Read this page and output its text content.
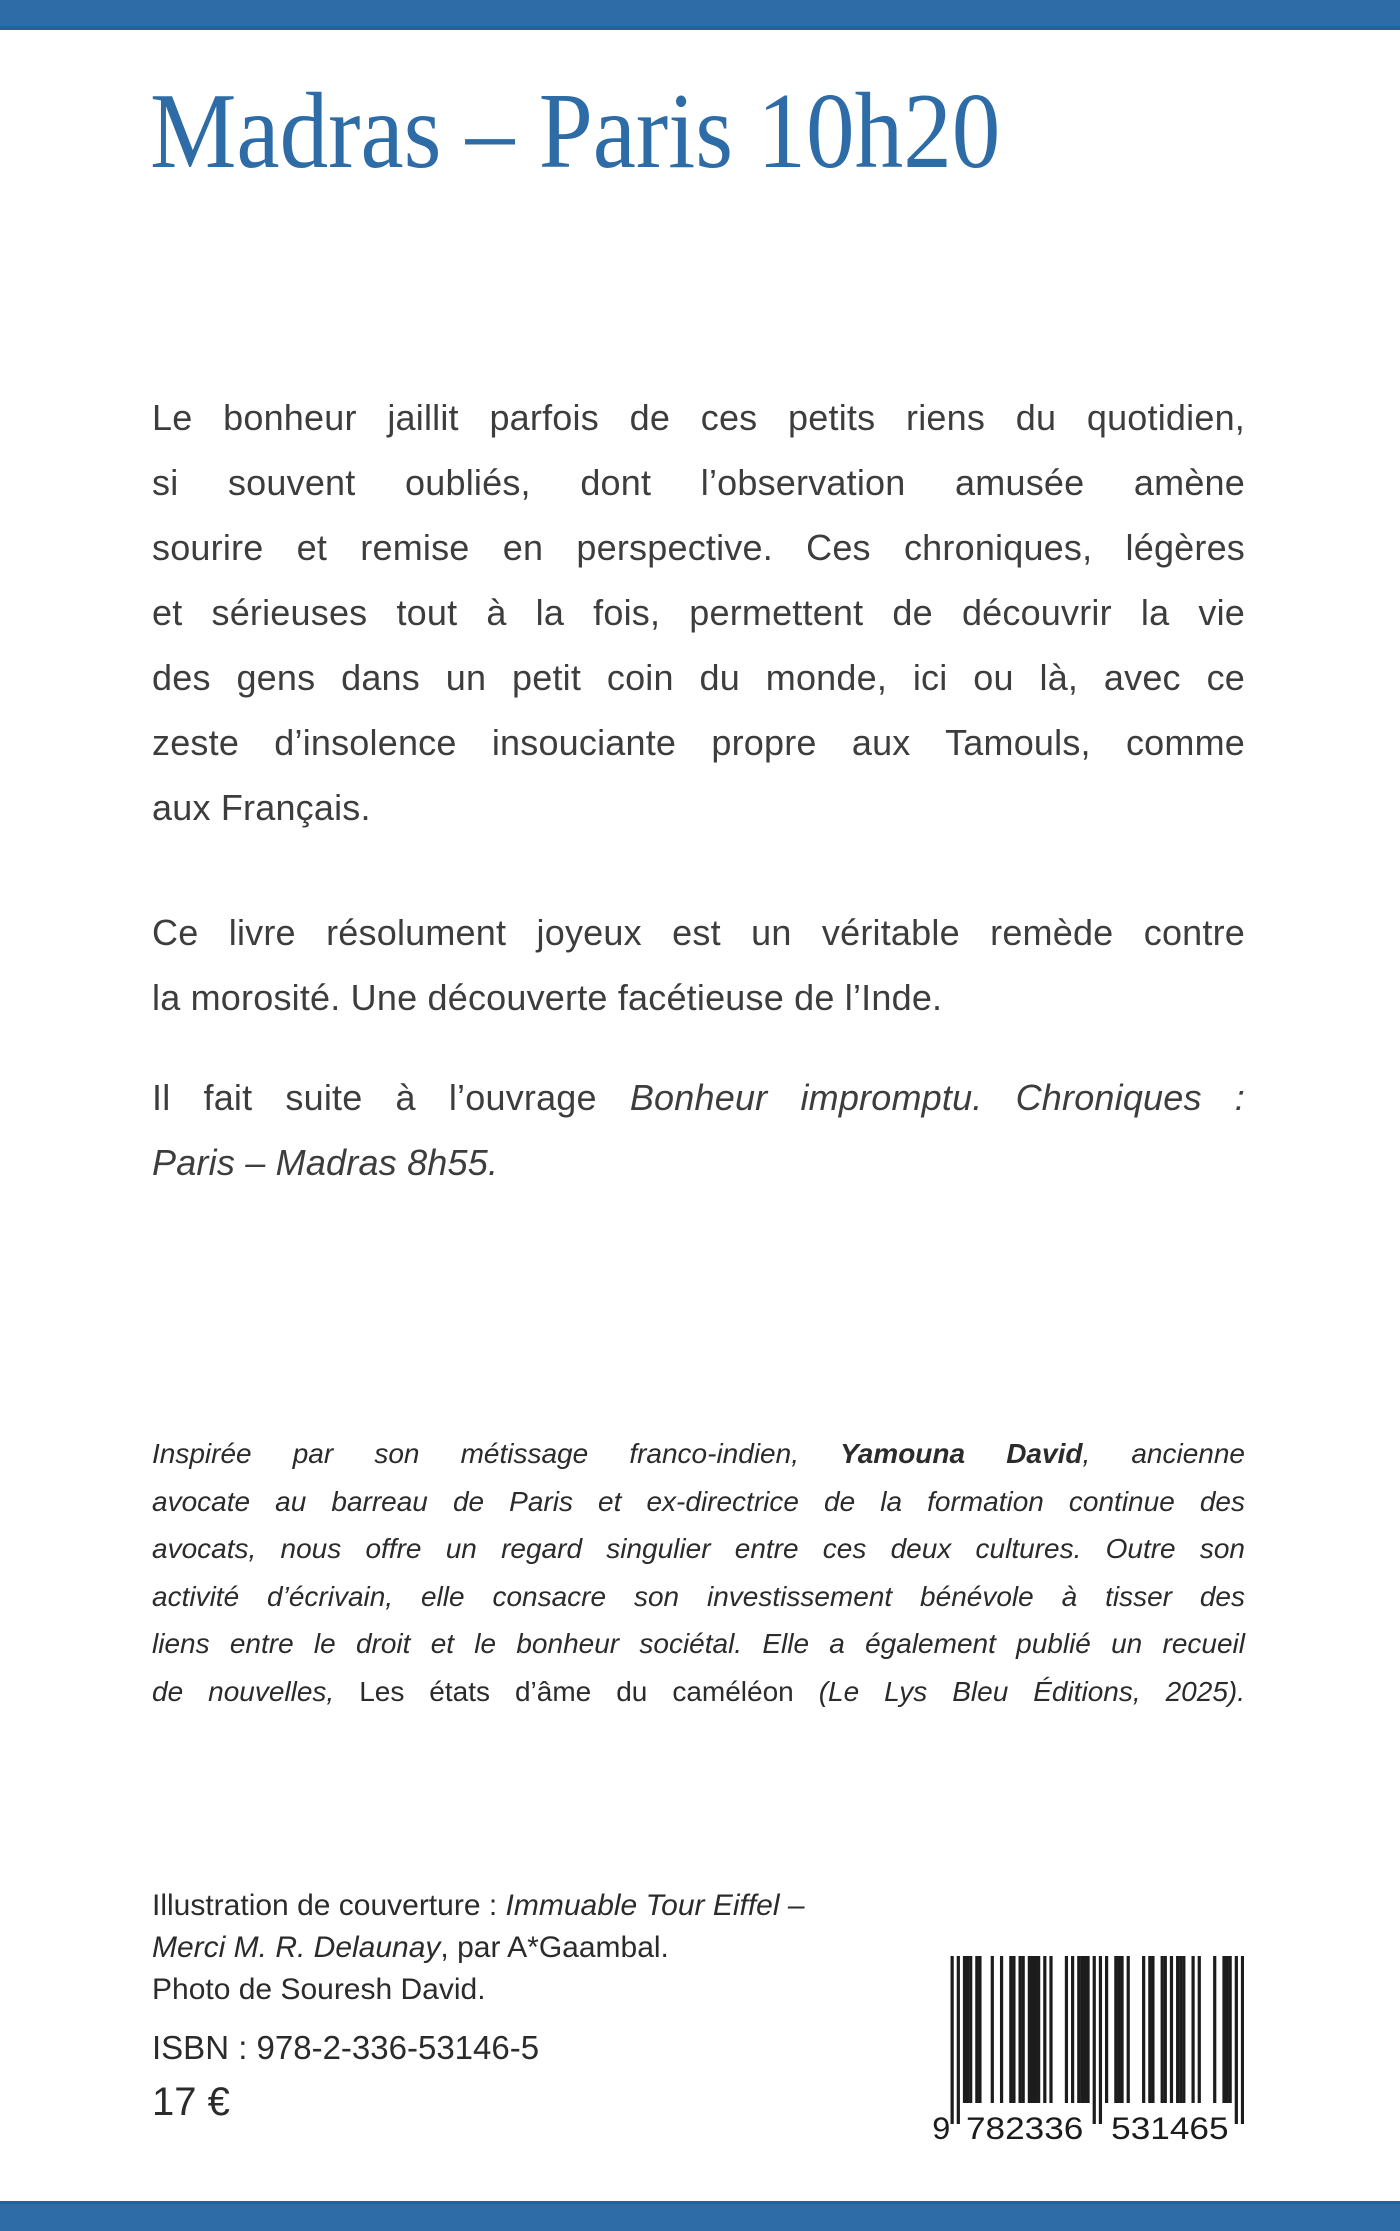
Madras – Paris 10h20
Le bonheur jaillit parfois de ces petits riens du quotidien,
si souvent oubliés, dont l’observation amusée amène
sourire et remise en perspective. Ces chroniques, légères
et sérieuses tout à la fois, permettent de découvrir la vie
des gens dans un petit coin du monde, ici ou là, avec ce
zeste d’insolence insouciante propre aux Tamouls, comme
aux Français.
Ce livre résolument joyeux est un véritable remède contre
la morosité. Une découverte facétieuse de l’Inde.
Il fait suite à l’ouvrage Bonheur impromptu. Chroniques :
Paris – Madras 8h55.
Inspirée par son métissage franco-indien, Yamouna David, ancienne
avocate au barreau de Paris et ex-directrice de la formation continue des
avocats, nous offre un regard singulier entre ces deux cultures. Outre son
activité d’écrivain, elle consacre son investissement bénévole à tisser des
liens entre le droit et le bonheur sociétal. Elle a également publié un recueil
de nouvelles, Les états d’âme du caméléon (Le Lys Bleu Éditions, 2025).
Illustration de couverture : Immuable Tour Eiffel –
Merci M. R. Delaunay, par A*Gaambal.
Photo de Souresh David.
ISBN : 978-2-336-53146-5
17 €
9 782336	531465
